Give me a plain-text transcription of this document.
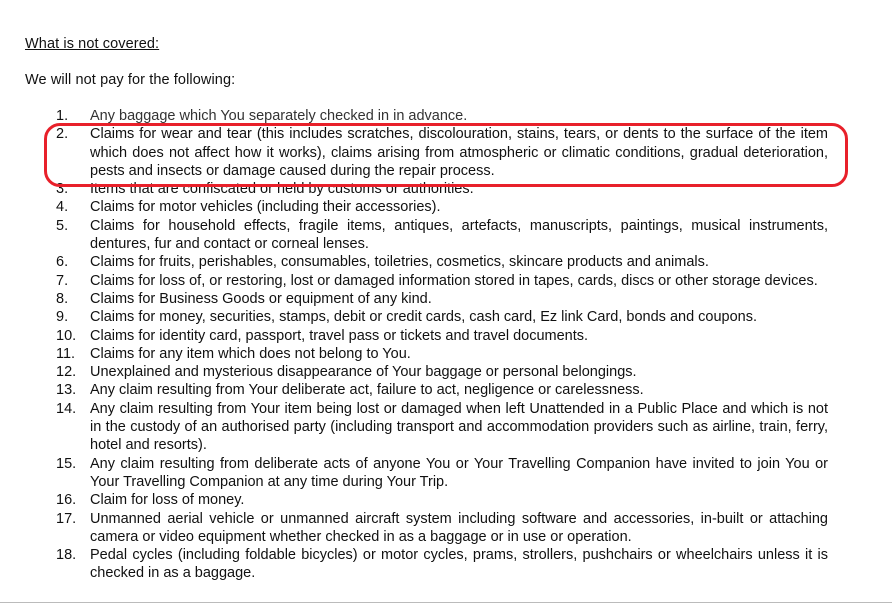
What is not covered:
We will not pay for the following:
1.	Any baggage which You separately checked in in advance.
2.	Claims for wear and tear (this includes scratches, discolouration, stains, tears, or dents to the surface of the item which does not affect how it works), claims arising from atmospheric or climatic conditions, gradual deterioration, pests and insects or damage caused during the repair process.
3.	Items that are confiscated or held by customs or authorities.
4.	Claims for motor vehicles (including their accessories).
5.	Claims for household effects, fragile items, antiques, artefacts, manuscripts, paintings, musical instruments, dentures, fur and contact or corneal lenses.
6.	Claims for fruits, perishables, consumables, toiletries, cosmetics, skincare products and animals.
7.	Claims for loss of, or restoring, lost or damaged information stored in tapes, cards, discs or other storage devices.
8.	Claims for Business Goods or equipment of any kind.
9.	Claims for money, securities, stamps, debit or credit cards, cash card, Ez link Card, bonds and coupons.
10. Claims for identity card, passport, travel pass or tickets and travel documents.
11.	Claims for any item which does not belong to You.
12. Unexplained and mysterious disappearance of Your baggage or personal belongings.
13. Any claim resulting from Your deliberate act, failure to act, negligence or carelessness.
14. Any claim resulting from Your item being lost or damaged when left Unattended in a Public Place and which is not in the custody of an authorised party (including transport and accommodation providers such as airline, train, ferry, hotel and resorts).
15. Any claim resulting from deliberate acts of anyone You or Your Travelling Companion have invited to join You or Your Travelling Companion at any time during Your Trip.
16. Claim for loss of money.
17. Unmanned aerial vehicle or unmanned aircraft system including software and accessories, in-built or attaching camera or video equipment whether checked in as a baggage or in use or operation.
18. Pedal cycles (including foldable bicycles) or motor cycles, prams, strollers, pushchairs or wheelchairs unless it is checked in as a baggage.
